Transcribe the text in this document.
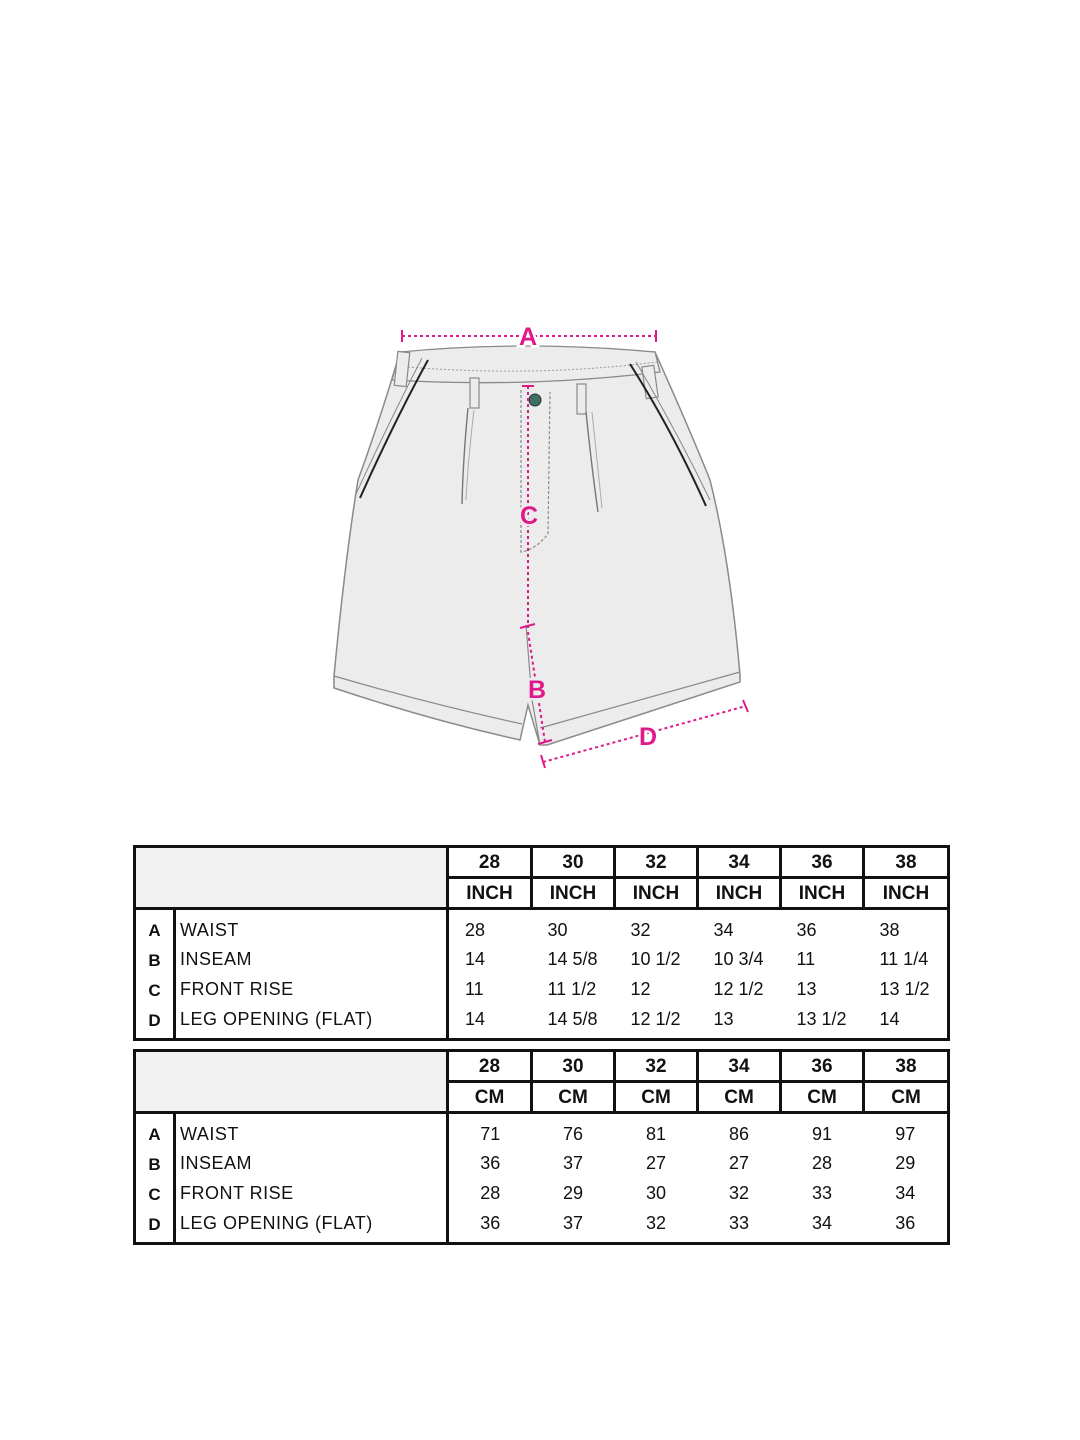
A
C
B
D
		28	30	32	34	36	38
		INCH	INCH	INCH	INCH	INCH	INCH
A	WAIST	28	30	32	34	36	38
B	INSEAM	14	14 5/8	10 1/2	10 3/4	11	11 1/4
C	FRONT RISE	11	11 1/2	12	12 1/2	13	13 1/2
D	LEG OPENING (FLAT)	14	14 5/8	12 1/2	13	13 1/2	14
		28	30	32	34	36	38
		CM	CM	CM	CM	CM	CM
A	WAIST	71	76	81	86	91	97
B	INSEAM	36	37	27	27	28	29
C	FRONT RISE	28	29	30	32	33	34
D	LEG OPENING (FLAT)	36	37	32	33	34	36
